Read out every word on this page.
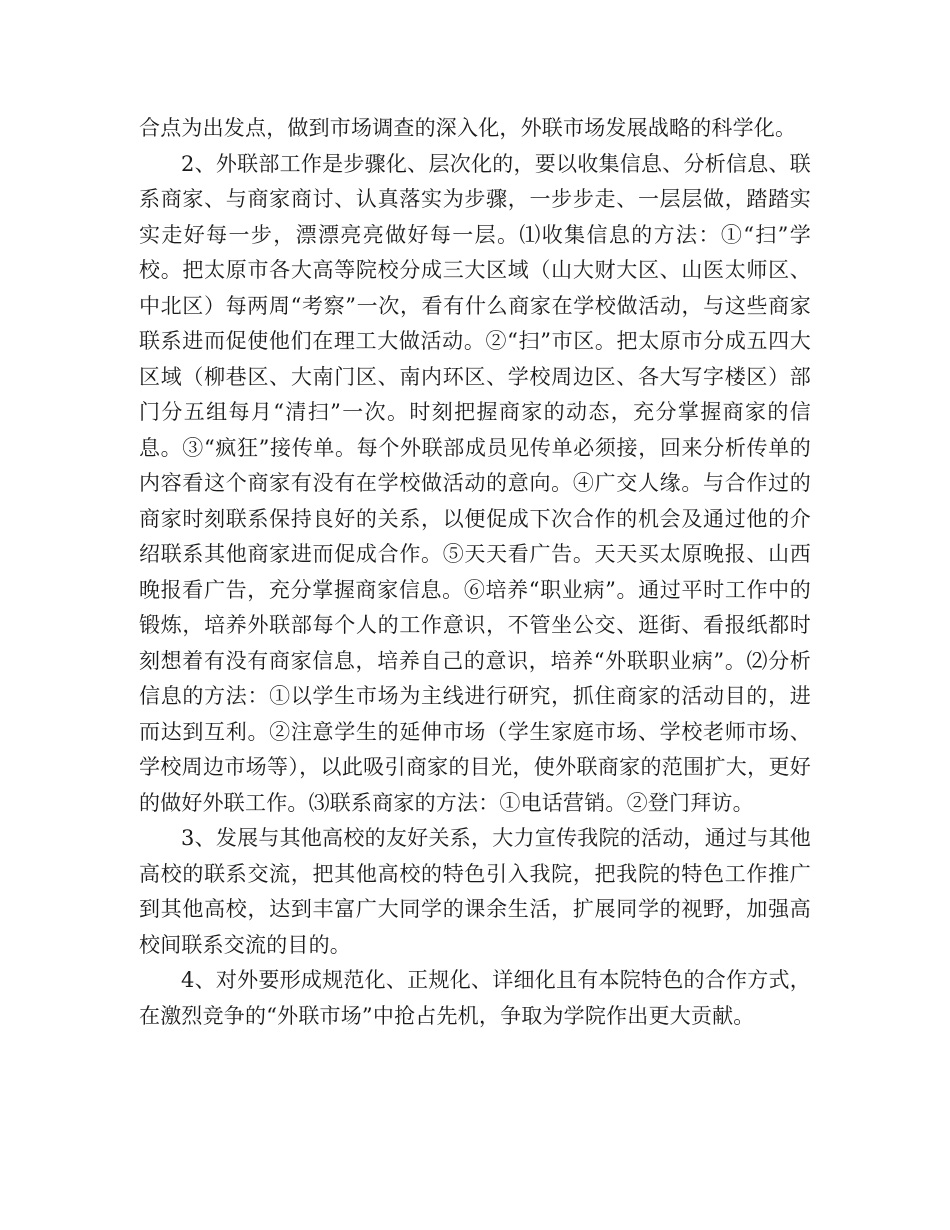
合点为出发点，做到市场调查的深入化，外联市场发展战略的科学化。

2、外联部工作是步骤化、层次化的，要以收集信息、分析信息、联系商家、与商家商讨、认真落实为步骤，一步步走、一层层做，踏踏实实走好每一步，漂漂亮亮做好每一层。⑴收集信息的方法：①“扫”学校。把太原市各大高等院校分成三大区域（山大财大区、山医太师区、中北区）每两周“考察”一次，看有什么商家在学校做活动，与这些商家联系进而促使他们在理工大做活动。②“扫”市区。把太原市分成五四大区域（柳巷区、大南门区、南内环区、学校周边区、各大写字楼区）部门分五组每月“清扫”一次。时刻把握商家的动态，充分掌握商家的信息。③“疯狂”接传单。每个外联部成员见传单必须接，回来分析传单的内容看这个商家有没有在学校做活动的意向。④广交人缘。与合作过的商家时刻联系保持良好的关系，以便促成下次合作的机会及通过他的介绍联系其他商家进而促成合作。⑤天天看广告。天天买太原晚报、山西晚报看广告，充分掌握商家信息。⑥培养“职业病”。通过平时工作中的锻炼，培养外联部每个人的工作意识，不管坐公交、逛街、看报纸都时刻想着有没有商家信息，培养自己的意识，培养“外联职业病”。⑵分析信息的方法：①以学生市场为主线进行研究，抓住商家的活动目的，进而达到互利。②注意学生的延伸市场（学生家庭市场、学校老师市场、学校周边市场等），以此吸引商家的目光，使外联商家的范围扩大，更好的做好外联工作。⑶联系商家的方法：①电话营销。②登门拜访。

3、发展与其他高校的友好关系，大力宣传我院的活动，通过与其他高校的联系交流，把其他高校的特色引入我院，把我院的特色工作推广到其他高校，达到丰富广大同学的课余生活，扩展同学的视野，加强高校间联系交流的目的。

4、对外要形成规范化、正规化、详细化且有本院特色的合作方式，在激烈竞争的“外联市场”中抢占先机，争取为学院作出更大贡献。
